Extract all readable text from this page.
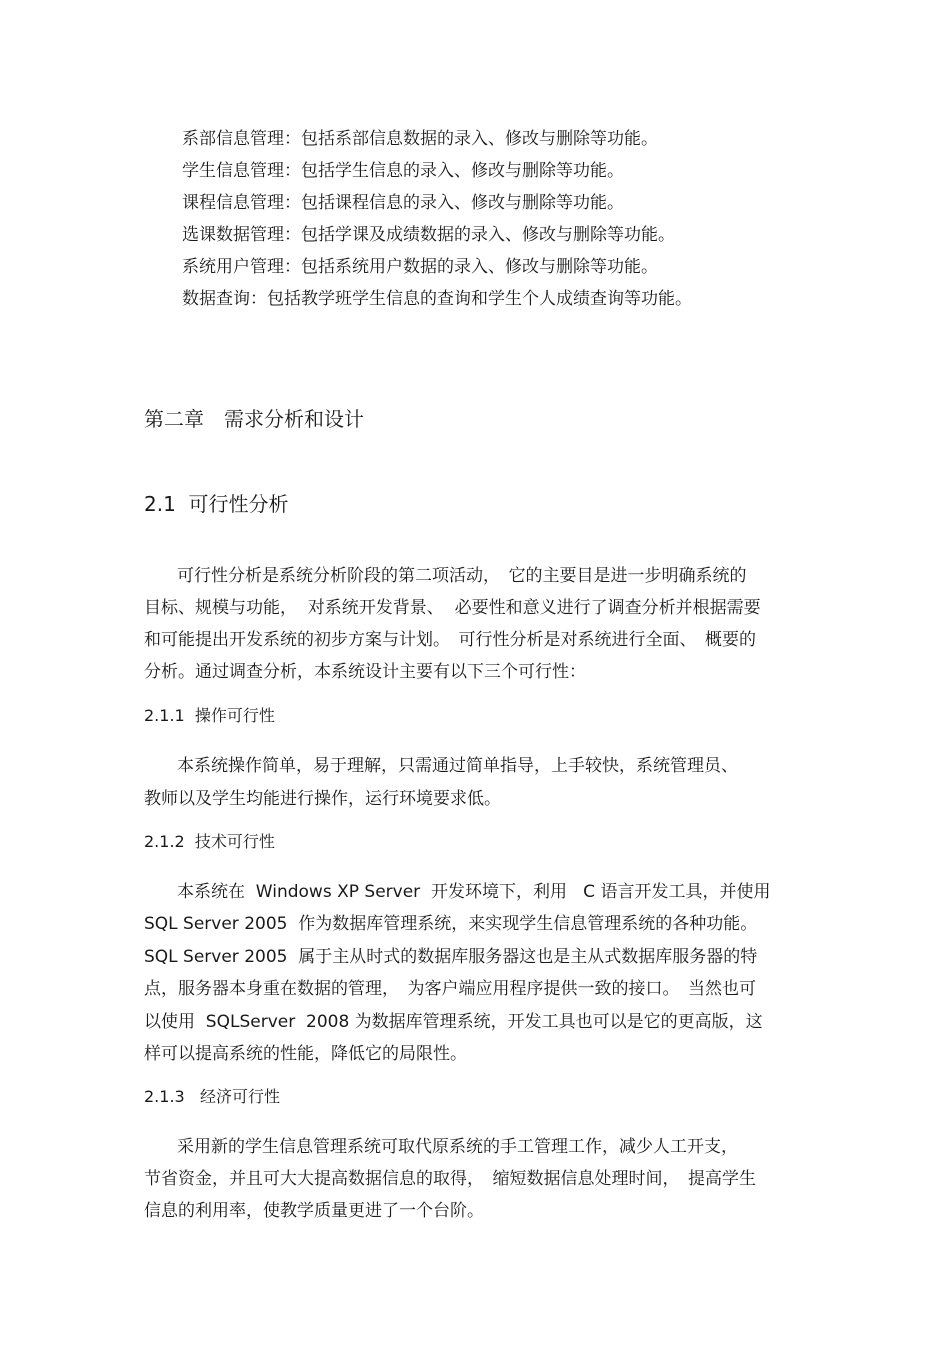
系部信息管理：包括系部信息数据的录入、修改与删除等功能。

学生信息管理：包括学生信息的录入、修改与删除等功能。

课程信息管理：包括课程信息的录入、修改与删除等功能。

选课数据管理：包括学课及成绩数据的录入、修改与删除等功能。

系统用户管理：包括系统用户数据的录入、修改与删除等功能。

数据查询：包括教学班学生信息的查询和学生个人成绩查询等功能。

第二章　需求分析和设计
2.1  可行性分析

可行性分析是系统分析阶段的第二项活动，　它的主要目是进一步明确系统的

目标、规模与功能，  对系统开发背景、  必要性和意义进行了调查分析并根据需要

和可能提出开发系统的初步方案与计划。　可行性分析是对系统进行全面、　概要的

分析。通过调查分析，本系统设计主要有以下三个可行性：

2.1.1  操作可行性

本系统操作简单，易于理解，只需通过简单指导，上手较快，系统管理员、

教师以及学生均能进行操作，运行环境要求低。

2.1.2  技术可行性

本系统在  Windows XP Server  开发环境下，利用   C 语言开发工具，并使用

SQL Server 2005  作为数据库管理系统，来实现学生信息管理系统的各种功能。

SQL Server 2005  属于主从时式的数据库服务器这也是主从式数据库服务器的特

点，服务器本身重在数据的管理，　为客户端应用程序提供一致的接口。　当然也可

以使用  SQLServer  2008 为数据库管理系统，开发工具也可以是它的更高版，这

样可以提高系统的性能，降低它的局限性。

2.1.3   经济可行性

采用新的学生信息管理系统可取代原系统的手工管理工作，减少人工开支，

节省资金，并且可大大提高数据信息的取得，　缩短数据信息处理时间，　提高学生

信息的利用率，使教学质量更进了一个台阶。
